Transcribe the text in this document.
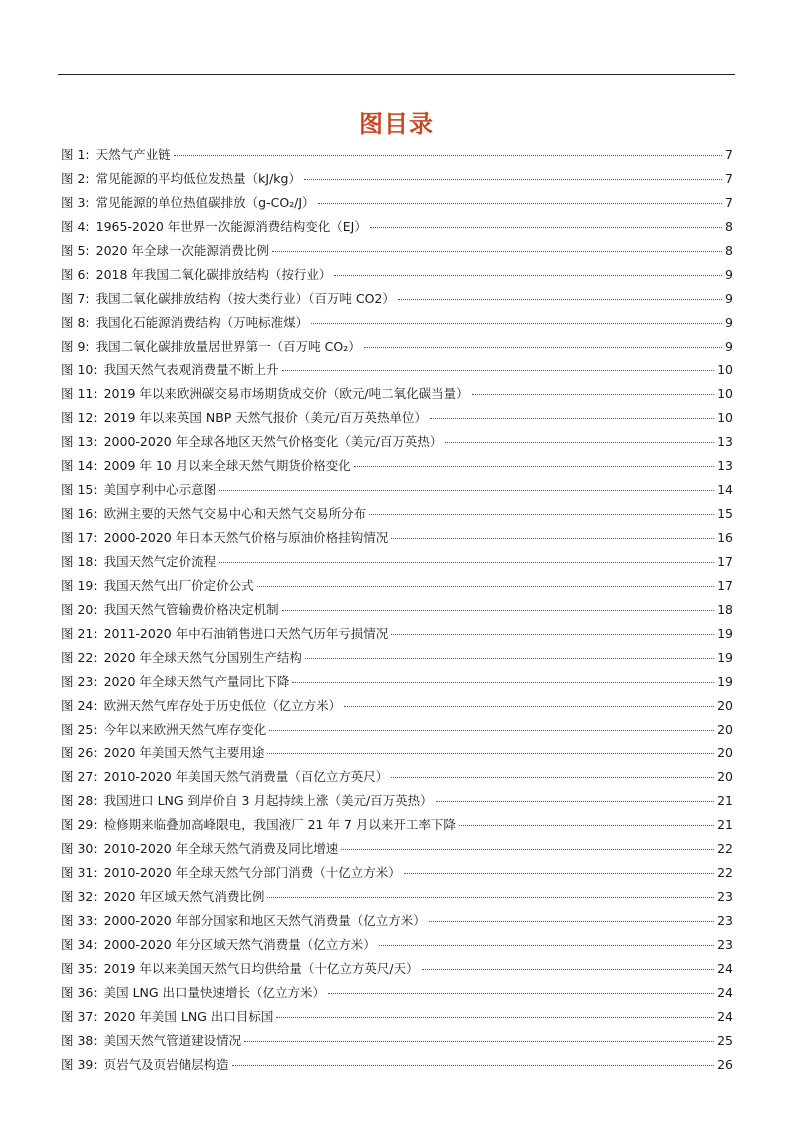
图目录
图 1: 天然气产业链	7
图 2: 常见能源的平均低位发热量（kJ/kg）	7
图 3: 常见能源的单位热值碳排放（g-CO₂/J）	7
图 4: 1965-2020 年世界一次能源消费结构变化（EJ）	8
图 5: 2020 年全球一次能源消费比例	8
图 6: 2018 年我国二氧化碳排放结构（按行业）	9
图 7: 我国二氧化碳排放结构（按大类行业）（百万吨 CO2）	9
图 8: 我国化石能源消费结构（万吨标准煤）	9
图 9: 我国二氧化碳排放量居世界第一（百万吨 CO₂）	9
图 10: 我国天然气表观消费量不断上升	10
图 11: 2019 年以来欧洲碳交易市场期货成交价（欧元/吨二氧化碳当量）	10
图 12: 2019 年以来英国 NBP 天然气报价（美元/百万英热单位）	10
图 13: 2000-2020 年全球各地区天然气价格变化（美元/百万英热）	13
图 14: 2009 年 10 月以来全球天然气期货价格变化	13
图 15: 美国亨利中心示意图	14
图 16: 欧洲主要的天然气交易中心和天然气交易所分布	15
图 17: 2000-2020 年日本天然气价格与原油价格挂钩情况	16
图 18: 我国天然气定价流程	17
图 19: 我国天然气出厂价定价公式	17
图 20: 我国天然气管输费价格决定机制	18
图 21: 2011-2020 年中石油销售进口天然气历年亏损情况	19
图 22: 2020 年全球天然气分国别生产结构	19
图 23: 2020 年全球天然气产量同比下降	19
图 24: 欧洲天然气库存处于历史低位（亿立方米）	20
图 25: 今年以来欧洲天然气库存变化	20
图 26: 2020 年美国天然气主要用途	20
图 27: 2010-2020 年美国天然气消费量（百亿立方英尺）	20
图 28: 我国进口 LNG 到岸价自 3 月起持续上涨（美元/百万英热）	21
图 29: 检修期来临叠加高峰限电，我国液厂 21 年 7 月以来开工率下降	21
图 30: 2010-2020 年全球天然气消费及同比增速	22
图 31: 2010-2020 年全球天然气分部门消费（十亿立方米）	22
图 32: 2020 年区域天然气消费比例	23
图 33: 2000-2020 年部分国家和地区天然气消费量（亿立方米）	23
图 34: 2000-2020 年分区域天然气消费量（亿立方米）	23
图 35: 2019 年以来美国天然气日均供给量（十亿立方英尺/天）	24
图 36: 美国 LNG 出口量快速增长（亿立方米）	24
图 37: 2020 年美国 LNG 出口目标国	24
图 38: 美国天然气管道建设情况	25
图 39: 页岩气及页岩储层构造	26
